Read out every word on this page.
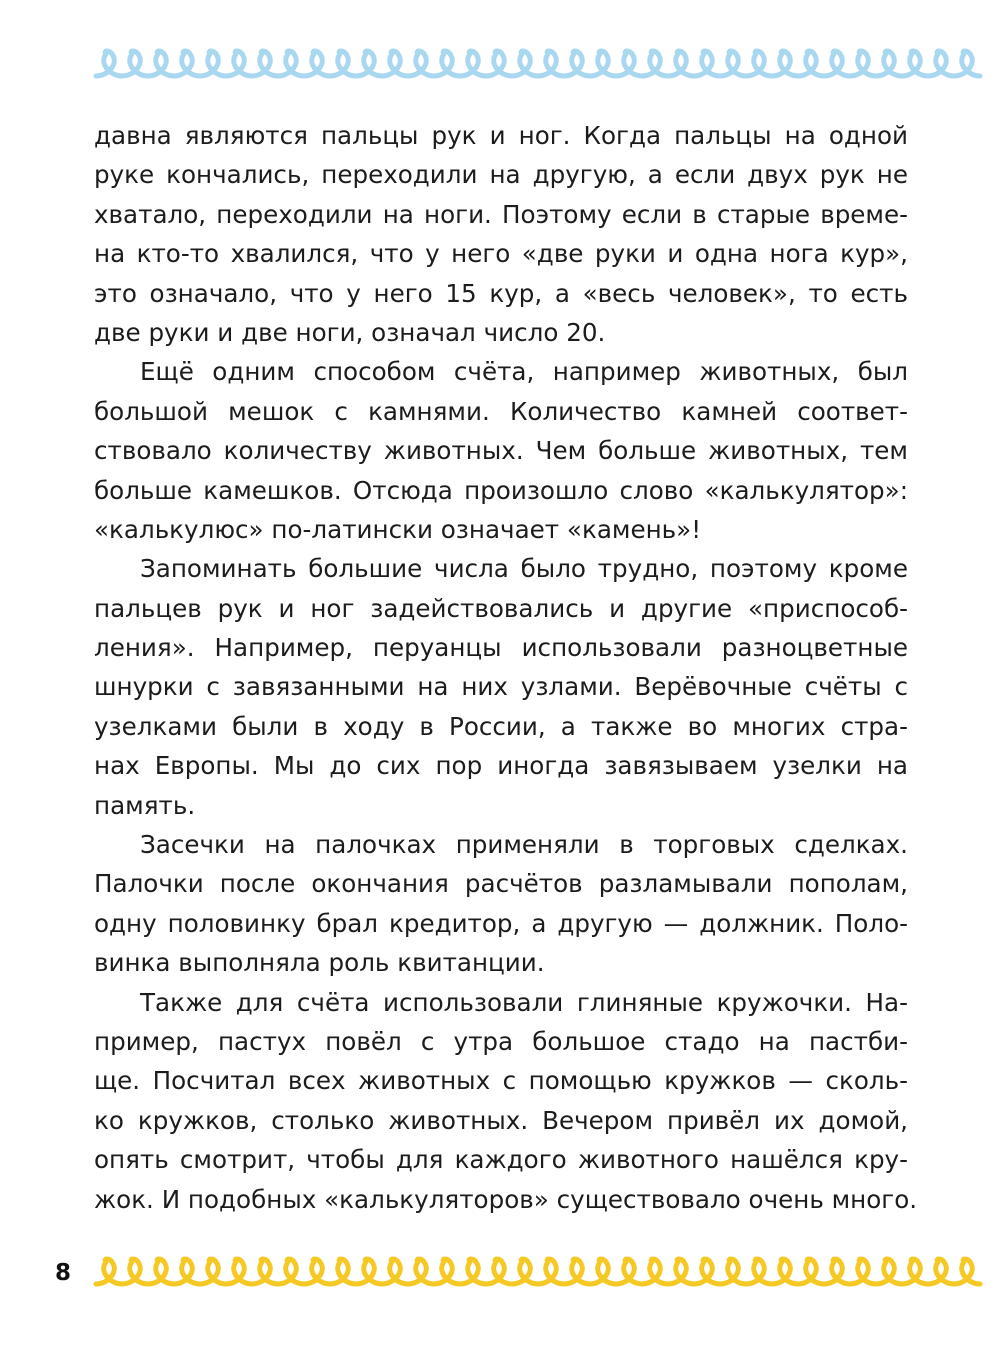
давна являются пальцы рук и ног. Когда пальцы на одной
руке кончались, переходили на другую, а если двух рук не
хватало, переходили на ноги. Поэтому если в старые време-
на кто-то хвалился, что у него «две руки и одна нога кур»,
это означало, что у него 15 кур, а «весь человек», то есть
две руки и две ноги, означал число 20.
Ещё одним способом счёта, например животных, был
большой мешок с камнями. Количество камней соответ-
ствовало количеству животных. Чем больше животных, тем
больше камешков. Отсюда произошло слово «калькулятор»:
«калькулюс» по-латински означает «камень»!
Запоминать большие числа было трудно, поэтому кроме
пальцев рук и ног задействовались и другие «приспособ-
ления». Например, перуанцы использовали разноцветные
шнурки с завязанными на них узлами. Верёвочные счёты с
узелками были в ходу в России, а также во многих стра-
нах Европы. Мы до сих пор иногда завязываем узелки на
память.
Засечки на палочках применяли в торговых сделках.
Палочки после окончания расчётов разламывали пополам,
одну половинку брал кредитор, а другую — должник. Поло-
винка выполняла роль квитанции.
Также для счёта использовали глиняные кружочки. На-
пример, пастух повёл с утра большое стадо на пастби-
ще. Посчитал всех животных с помощью кружков — сколь-
ко кружков, столько животных. Вечером привёл их домой,
опять смотрит, чтобы для каждого животного нашёлся кру-
жок. И подобных «калькуляторов» существовало очень много.
8
